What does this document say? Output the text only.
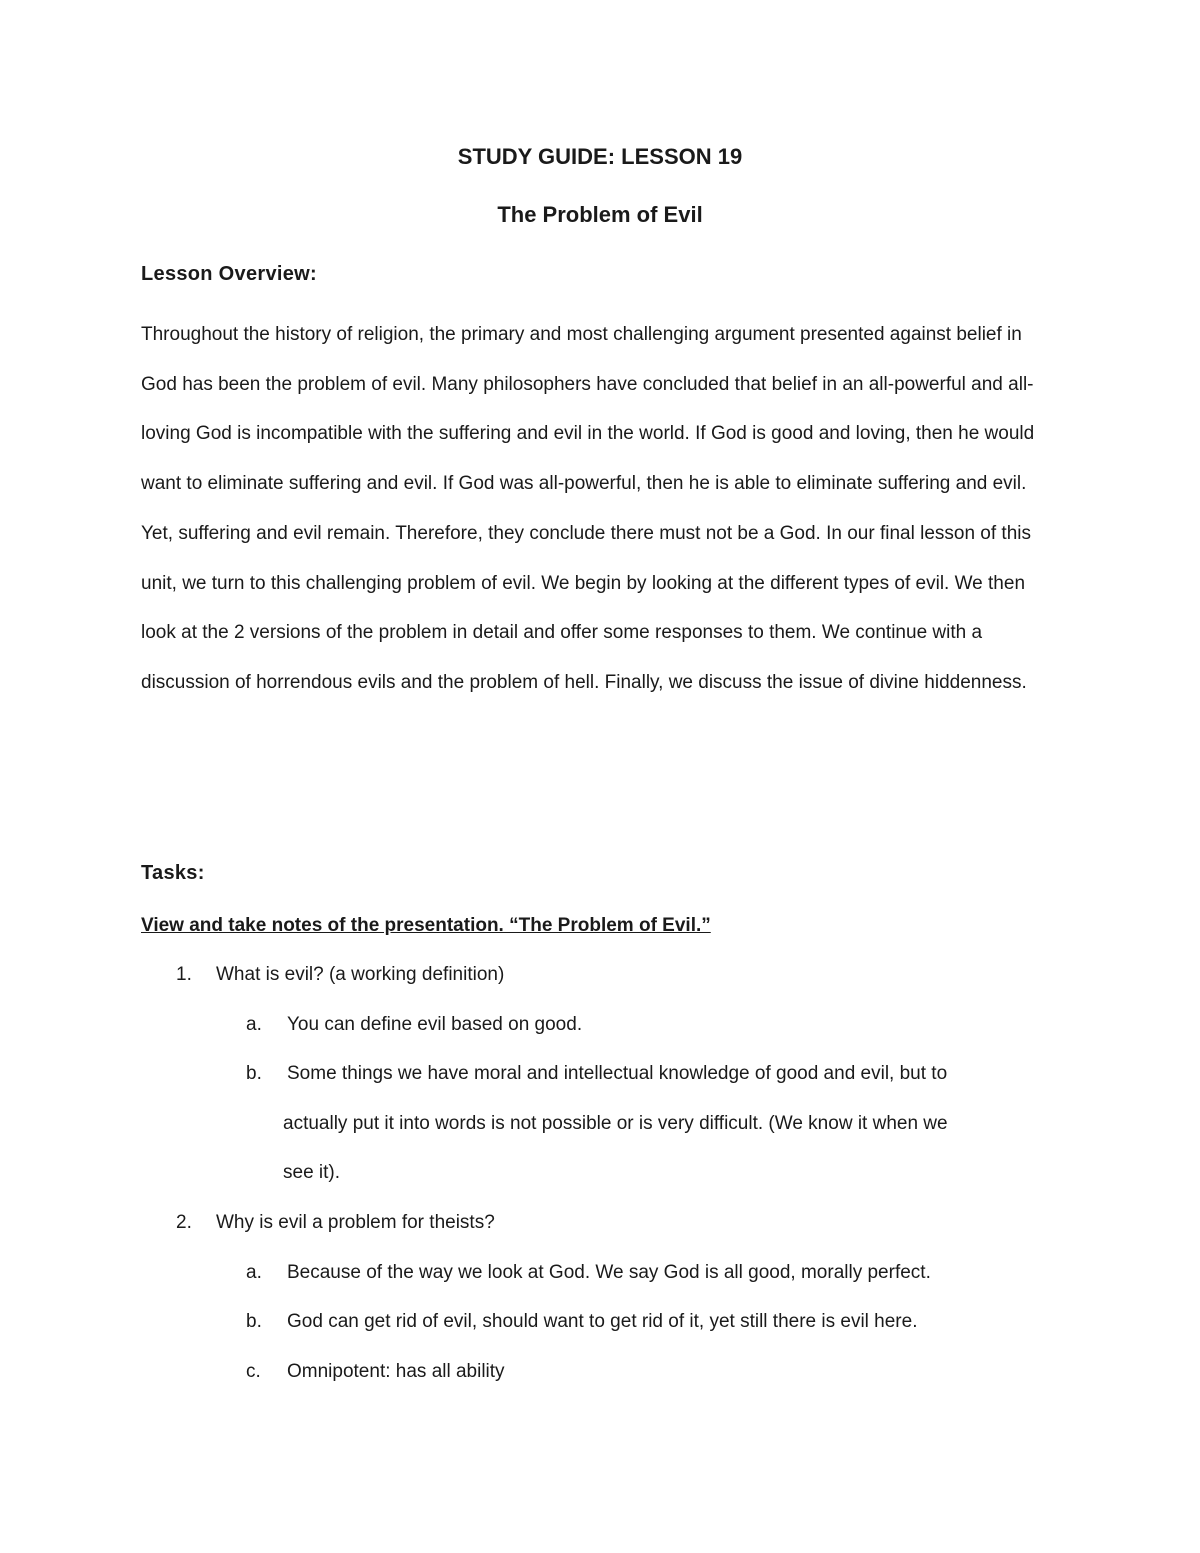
STUDY GUIDE: LESSON 19
The Problem of Evil
Lesson Overview:

Throughout the history of religion, the primary and most challenging argument presented against belief in God has been the problem of evil. Many philosophers have concluded that belief in an all-powerful and all-loving God is incompatible with the suffering and evil in the world. If God is good and loving, then he would want to eliminate suffering and evil. If God was all-powerful, then he is able to eliminate suffering and evil. Yet, suffering and evil remain. Therefore, they conclude there must not be a God. In our final lesson of this unit, we turn to this challenging problem of evil. We begin by looking at the different types of evil. We then look at the 2 versions of the problem in detail and offer some responses to them. We continue with a discussion of horrendous evils and the problem of hell. Finally, we discuss the issue of divine hiddenness.

Tasks:

View and take notes of the presentation. “The Problem of Evil.”

1. What is evil? (a working definition)
a. You can define evil based on good.
b. Some things we have moral and intellectual knowledge of good and evil, but to
actually put it into words is not possible or is very difficult. (We know it when we
see it).
2. Why is evil a problem for theists?
a. Because of the way we look at God. We say God is all good, morally perfect.
b. God can get rid of evil, should want to get rid of it, yet still there is evil here.
c. Omnipotent: has all ability
